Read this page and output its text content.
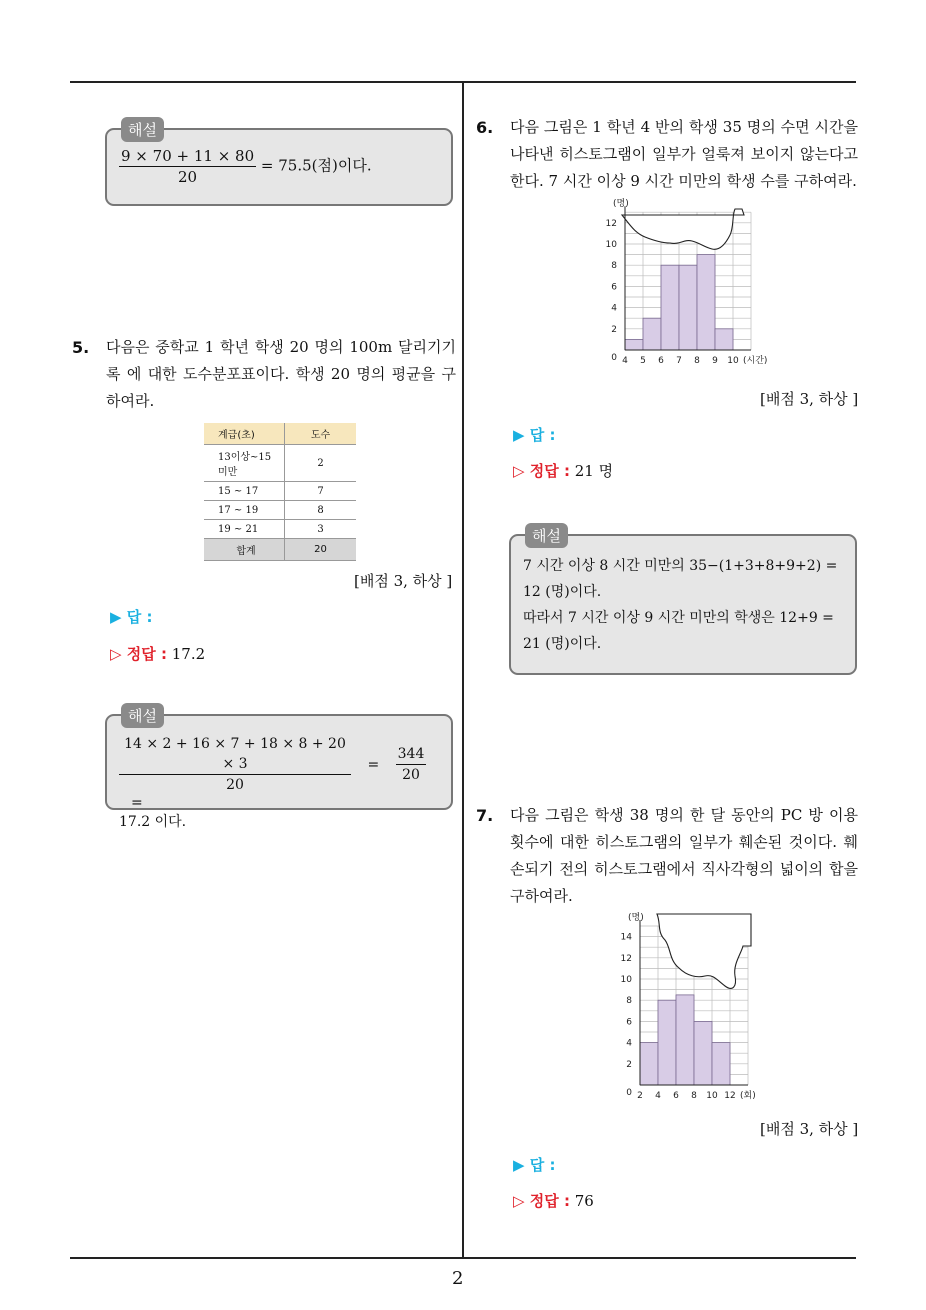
2
해설
$\frac{9 \times 70 + 11 \times 80}{20} = 75.5$(점)이다.
5. 다음은 중학교 1 학년 학생 20 명의 100m 달리기기록 에 대한 도수분포표이다. 학생 20 명의 평균을 구하여라.
계급(초)	도수
13이상~15미만	2
15 ~ 17	7
17 ~ 19	8
19 ~ 21	3
합계	20
[배점 3, 하상 ]
▶ 답 :
▷ 정답 : 17.2
해설
$\frac{14 \times 2 + 16 \times 7 + 18 \times 8 + 20 \times 3}{20} = \frac{344}{20}$
=
17.2 이다.
6. 다음 그림은 1 학년 4 반의 학생 35 명의 수면 시간을 나타낸 히스토그램이 일부가 얼룩져 보이지 않는다고 한다. 7 시간 이상 9 시간 미만의 학생 수를 구하여라.
0
2
4
6
8
10
12
4 5 6 7 8 9 10
(명)
(시간)
[배점 3, 하상 ]
▶ 답 :
▷ 정답 : 21 명
해설
7 시간 이상 8 시간 미만의 35−(1+3+8+9+2) =
12 (명)이다.
따라서 7 시간 이상 9 시간 미만의 학생은 12+9 =
21 (명)이다.
7. 다음 그림은 학생 38 명의 한 달 동안의 PC 방 이용 횟수에 대한 히스토그램의 일부가 훼손된 것이다. 훼손되기 전의 히스토그램에서 직사각형의 넓이의 합을 구하여라.
0
2
4
6
8
10
12
14
2 4 6 8 10 12
(명)
(회)
[배점 3, 하상 ]
▶ 답 :
▷ 정답 : 76
